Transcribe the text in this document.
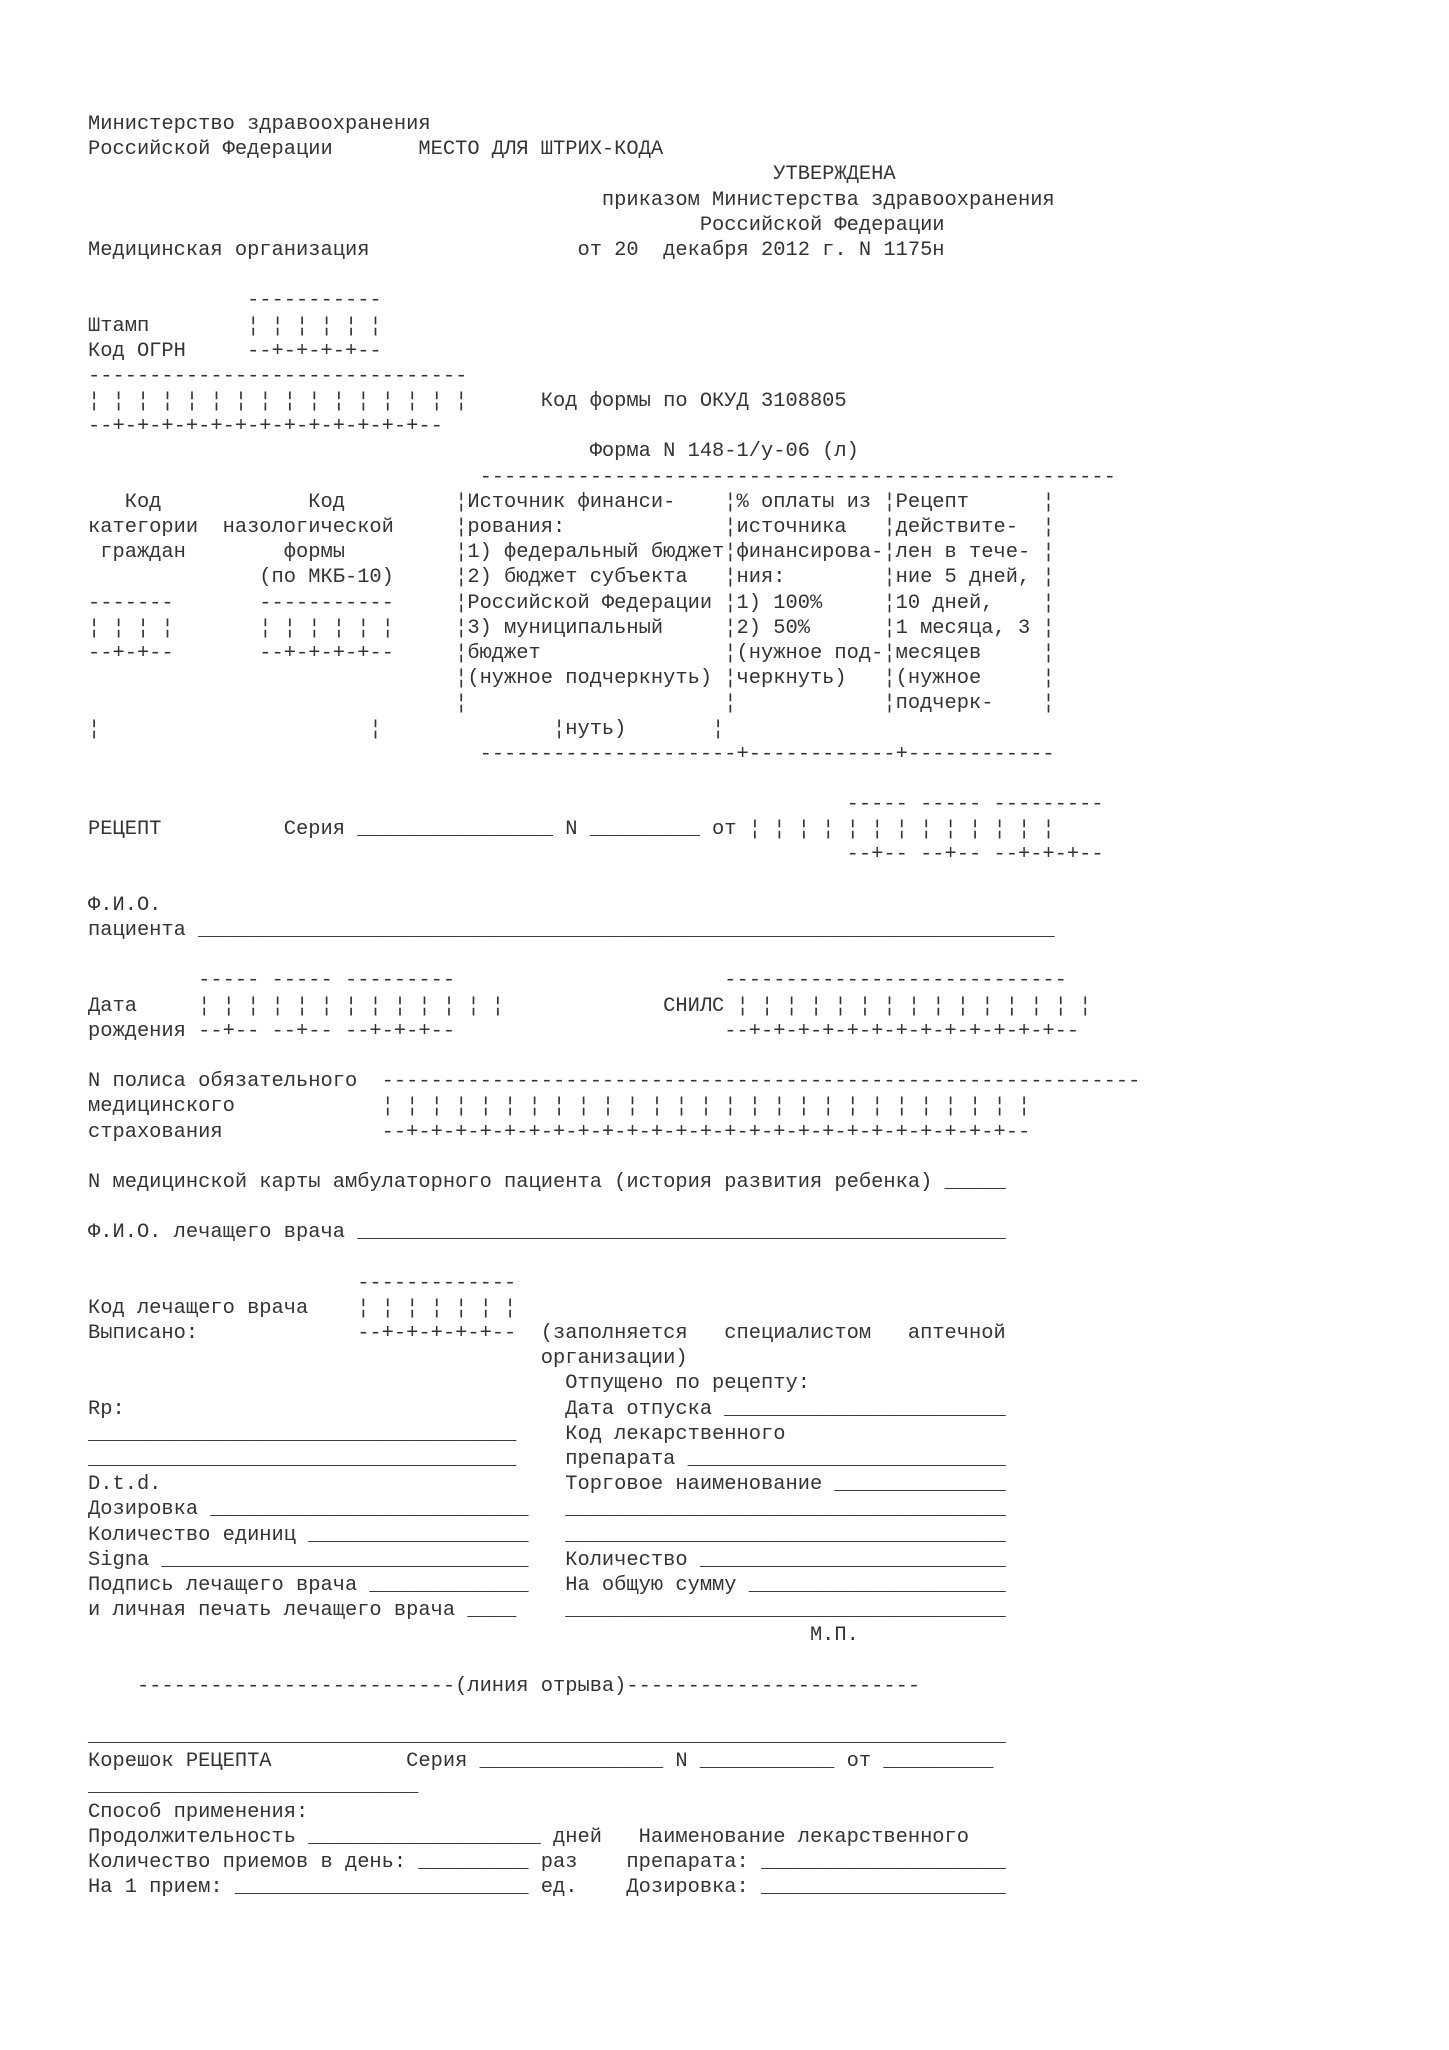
Министерство здравоохранения
Российской Федерации       МЕСТО ДЛЯ ШТРИХ-КОДА
УТВЕРЖДЕНА
приказом Министерства здравоохранения
Российской Федерации
Медицинская организация                 от 20  декабря 2012 г. N 1175н

-----------
Штамп        ¦ ¦ ¦ ¦ ¦ ¦
Код ОГРН     --+-+-+-+--
-------------------------------
¦ ¦ ¦ ¦ ¦ ¦ ¦ ¦ ¦ ¦ ¦ ¦ ¦ ¦ ¦ ¦      Код формы по ОКУД 3108805
--+-+-+-+-+-+-+-+-+-+-+-+-+--
Форма N 148-1/у-06 (л)
----------------------------------------------------
Код            Код         ¦Источник финанси-    ¦% оплаты из ¦Рецепт      ¦
категории  назологической     ¦рования:             ¦источника   ¦действите-  ¦
граждан        формы         ¦1) федеральный бюджет¦финансирова-¦лен в тече- ¦
(по МКБ-10)     ¦2) бюджет субъекта   ¦ния:        ¦ние 5 дней, ¦
-------       -----------     ¦Российской Федерации ¦1) 100%     ¦10 дней,    ¦
¦ ¦ ¦ ¦       ¦ ¦ ¦ ¦ ¦ ¦     ¦3) муниципальный     ¦2) 50%      ¦1 месяца, 3 ¦
--+-+--       --+-+-+-+--     ¦бюджет               ¦(нужное под-¦месяцев     ¦
¦(нужное подчеркнуть) ¦черкнуть)   ¦(нужное     ¦
¦                     ¦            ¦подчерк-    ¦
¦                      ¦              ¦нуть)       ¦
---------------------+------------+------------

----- ----- ---------
РЕЦЕПТ          Серия ________________ N _________ от ¦ ¦ ¦ ¦ ¦ ¦ ¦ ¦ ¦ ¦ ¦ ¦ ¦
--+-- --+-- --+-+-+--

Ф.И.О.
пациента ______________________________________________________________________

----- ----- ---------                      ----------------------------
Дата     ¦ ¦ ¦ ¦ ¦ ¦ ¦ ¦ ¦ ¦ ¦ ¦ ¦             СНИЛС ¦ ¦ ¦ ¦ ¦ ¦ ¦ ¦ ¦ ¦ ¦ ¦ ¦ ¦ ¦
рождения --+-- --+-- --+-+-+--                      --+-+-+-+-+-+-+-+-+-+-+-+-+--

N полиса обязательного  --------------------------------------------------------------
медицинского            ¦ ¦ ¦ ¦ ¦ ¦ ¦ ¦ ¦ ¦ ¦ ¦ ¦ ¦ ¦ ¦ ¦ ¦ ¦ ¦ ¦ ¦ ¦ ¦ ¦ ¦ ¦
страхования             --+-+-+-+-+-+-+-+-+-+-+-+-+-+-+-+-+-+-+-+-+-+-+-+-+--

N медицинской карты амбулаторного пациента (история развития ребенка) _____

Ф.И.О. лечащего врача _____________________________________________________

-------------
Код лечащего врача    ¦ ¦ ¦ ¦ ¦ ¦ ¦
Выписано:             --+-+-+-+-+--  (заполняется   специалистом   аптечной
организации)
Отпущено по рецепту:
Rp:                                    Дата отпуска _______________________
___________________________________    Код лекарственного
___________________________________    препарата __________________________
D.t.d.                                 Торговое наименование ______________
Дозировка __________________________   ____________________________________
Количество единиц __________________   ____________________________________
Signa ______________________________   Количество _________________________
Подпись лечащего врача _____________   На общую сумму _____________________
и личная печать лечащего врача ____    ____________________________________
М.П.

--------------------------(линия отрыва)------------------------

___________________________________________________________________________
Корешок РЕЦЕПТА           Серия _______________ N ___________ от _________
___________________________
Способ применения:
Продолжительность ___________________ дней   Наименование лекарственного
Количество приемов в день: _________ раз    препарата: ____________________
На 1 прием: ________________________ ед.    Дозировка: ____________________
